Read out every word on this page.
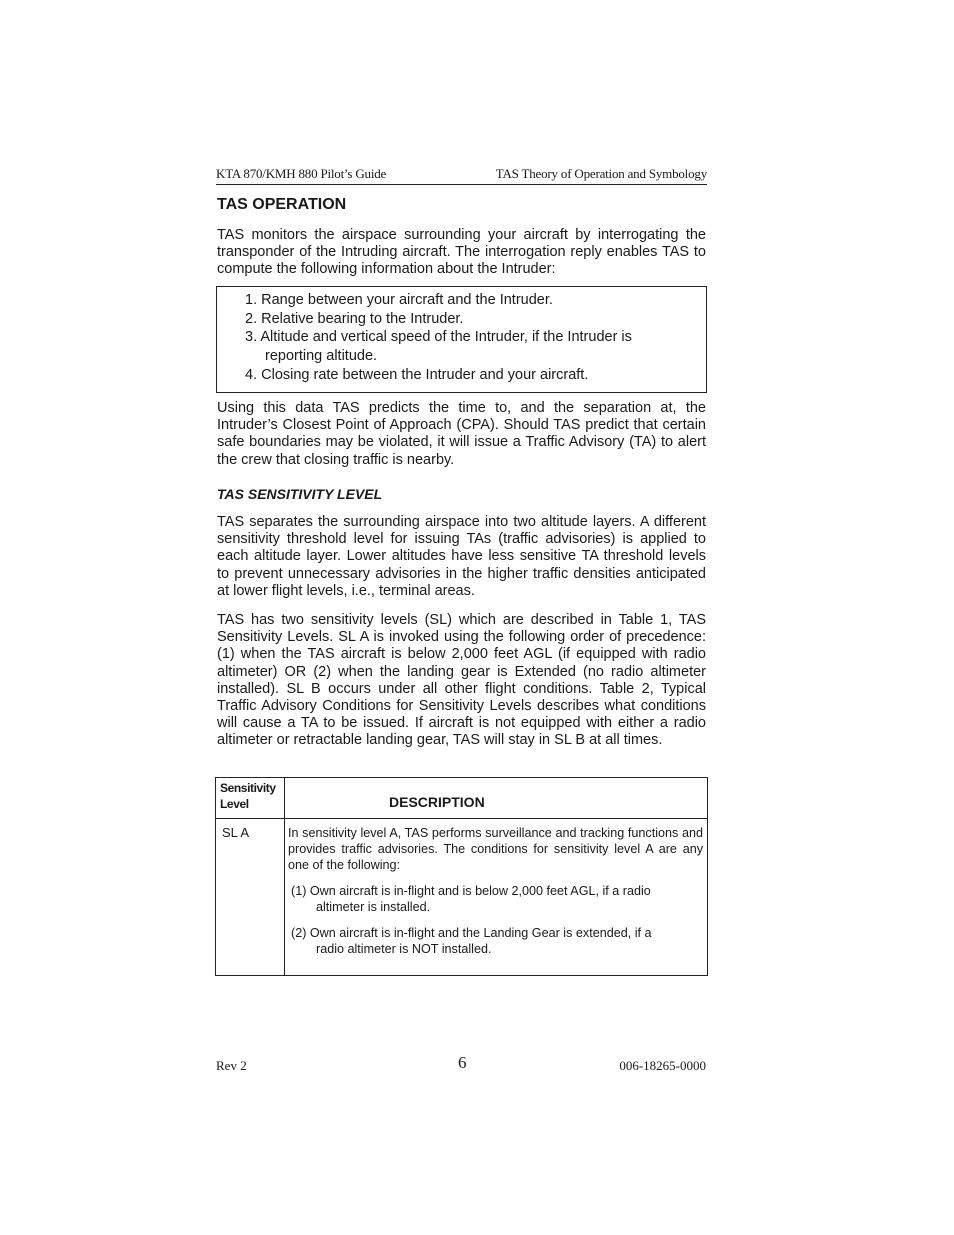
KTA 870/KMH 880 Pilot’s Guide	TAS Theory of Operation and Symbology
TAS OPERATION

TAS monitors the airspace surrounding your aircraft by interrogating the transponder of the Intruding aircraft. The interrogation reply enables TAS to compute the following information about the Intruder:

1. Range between your aircraft and the Intruder.
2. Relative bearing to the Intruder.
3. Altitude and vertical speed of the Intruder, if the Intruder is
reporting altitude.
4. Closing rate between the Intruder and your aircraft.

Using this data TAS predicts the time to, and the separation at, the Intruder’s Closest Point of Approach (CPA). Should TAS predict that certain safe boundaries may be violated, it will issue a Traffic Advisory (TA) to alert the crew that closing traffic is nearby.

TAS SENSITIVITY LEVEL

TAS separates the surrounding airspace into two altitude layers. A different sensitivity threshold level for issuing TAs (traffic advisories) is applied to each altitude layer. Lower altitudes have less sensitive TA threshold levels to prevent unnecessary advisories in the higher traffic densities anticipated at lower flight levels, i.e., terminal areas.

TAS has two sensitivity levels (SL) which are described in Table 1, TAS Sensitivity Levels. SL A is invoked using the following order of precedence: (1) when the TAS aircraft is below 2,000 feet AGL (if equipped with radio altimeter) OR (2) when the landing gear is Extended (no radio altimeter installed). SL B occurs under all other flight conditions. Table 2, Typical Traffic Advisory Conditions for Sensitivity Levels describes what conditions will cause a TA to be issued. If aircraft is not equipped with either a radio altimeter or retractable landing gear, TAS will stay in SL B at all times.

Sensitivity
Level	DESCRIPTION
SL A	In sensitivity level A, TAS performs surveillance and tracking functions and provides traffic advisories. The conditions for sensitivity level A are any one of the following:

(1) Own aircraft is in-flight and is below 2,000 feet AGL, if a radio
altimeter is installed.
(2) Own aircraft is in-flight and the Landing Gear is extended, if a
radio altimeter is NOT installed.
Rev 2	6	006-18265-0000
